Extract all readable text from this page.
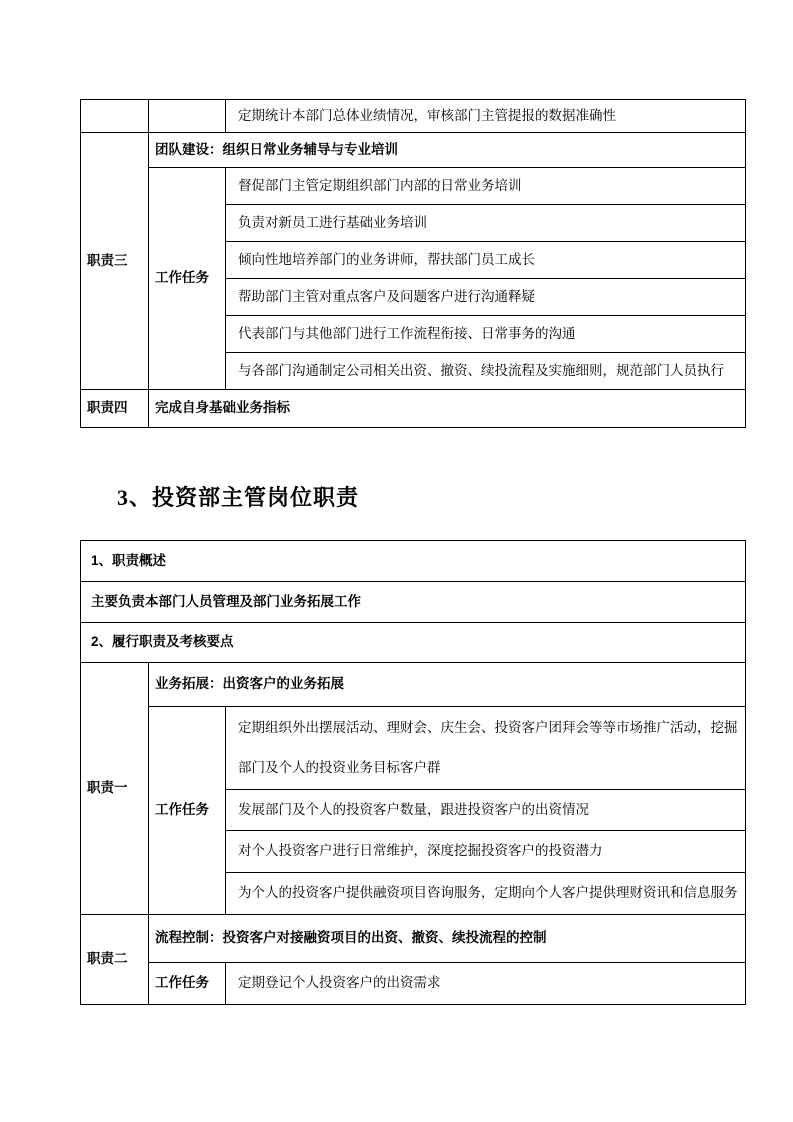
		定期统计本部门总体业绩情况，审核部门主管提报的数据准确性
职责三	团队建设：组织日常业务辅导与专业培训	
	工作任务	督促部门主管定期组织部门内部的日常业务培训
		负责对新员工进行基础业务培训
		倾向性地培养部门的业务讲师，帮扶部门员工成长
		帮助部门主管对重点客户及问题客户进行沟通释疑
		代表部门与其他部门进行工作流程衔接、日常事务的沟通
		与各部门沟通制定公司相关出资、撤资、续投流程及实施细则，规范部门人员执行
职责四	完成自身基础业务指标	
3、投资部主管岗位职责
1、职责概述		
主要负责本部门人员管理及部门业务拓展工作		
2、履行职责及考核要点		
职责一	业务拓展：出资客户的业务拓展	
	工作任务	定期组织外出摆展活动、理财会、庆生会、投资客户团拜会等等市场推广活动，挖掘部门及个人的投资业务目标客户群
		发展部门及个人的投资客户数量，跟进投资客户的出资情况
		对个人投资客户进行日常维护，深度挖掘投资客户的投资潜力
		为个人的投资客户提供融资项目咨询服务，定期向个人客户提供理财资讯和信息服务
职责二	流程控制：投资客户对接融资项目的出资、撤资、续投流程的控制	
	工作任务	定期登记个人投资客户的出资需求
